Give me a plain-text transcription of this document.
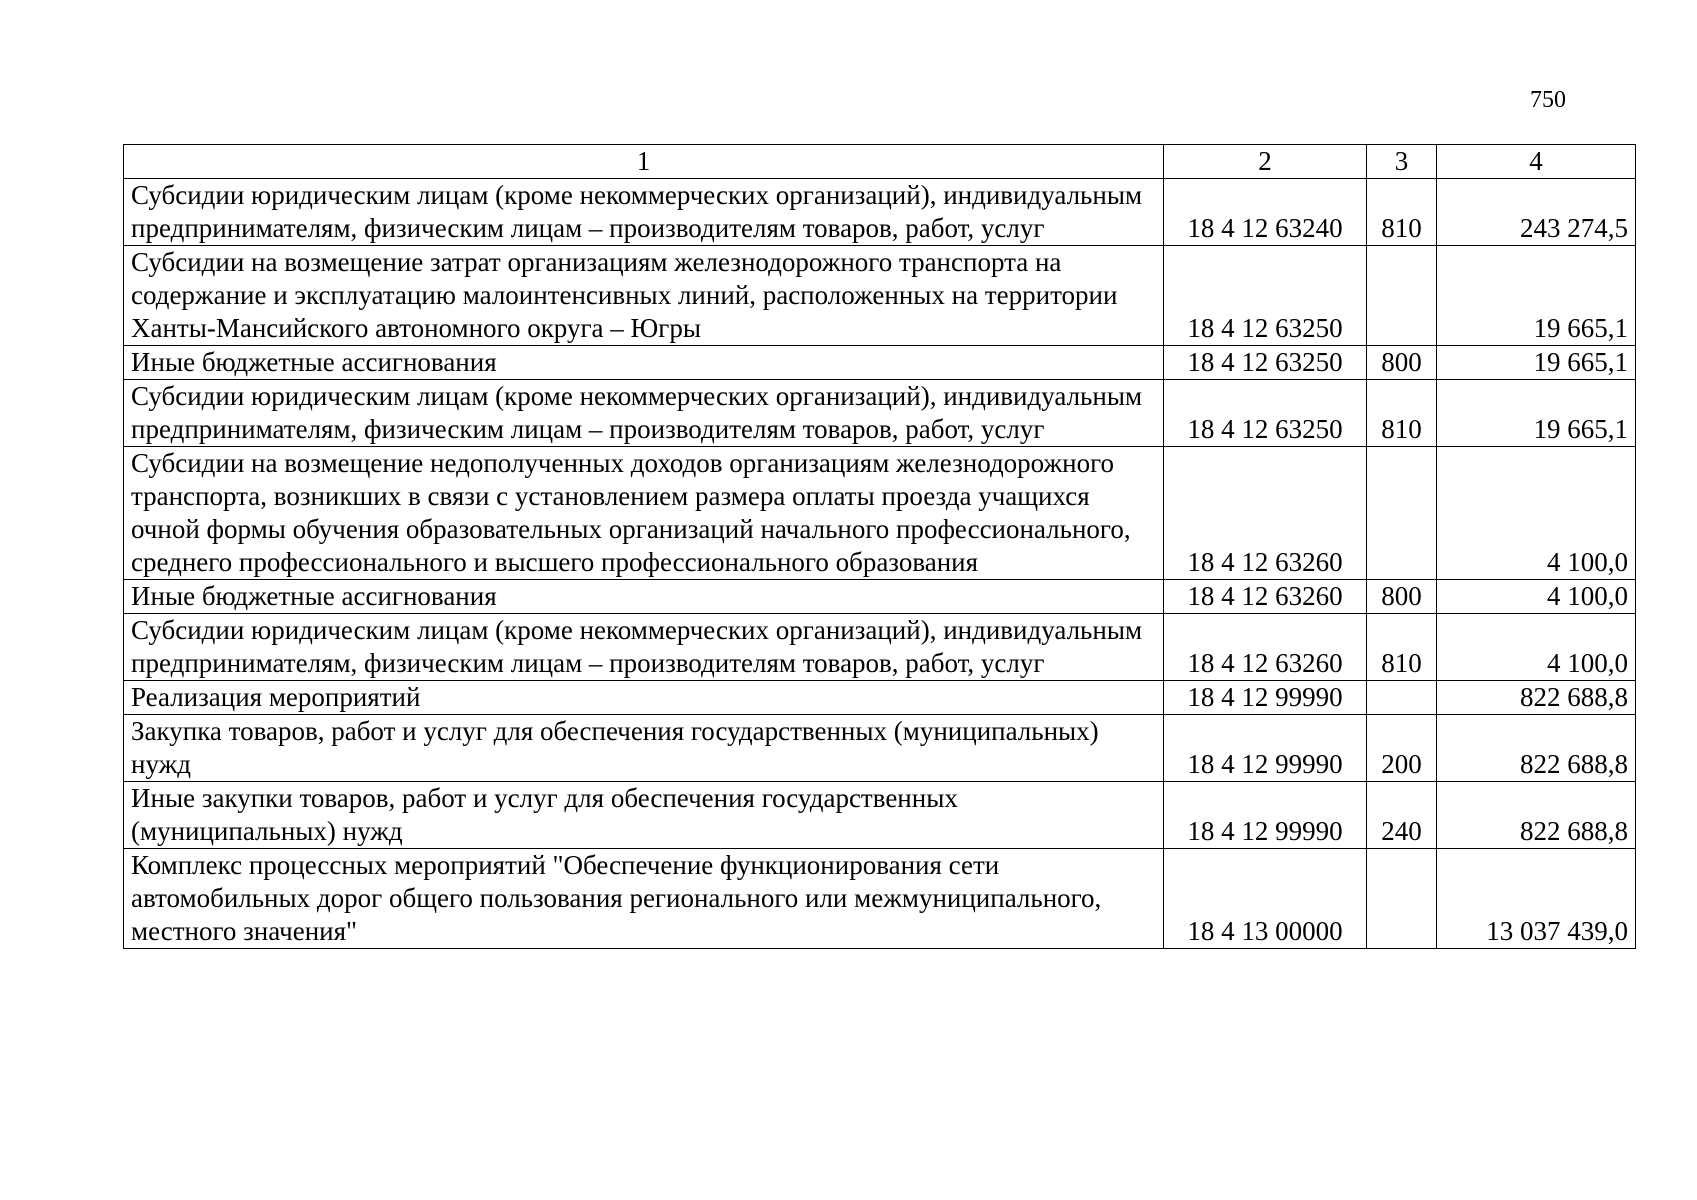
750
1	2	3	4
Субсидии юридическим лицам (кроме некоммерческих организаций), индивидуальным предпринимателям, физическим лицам – производителям товаров, работ, услуг	18 4 12 63240	810	243 274,5
Субсидии на возмещение затрат организациям железнодорожного транспорта на содержание и эксплуатацию малоинтенсивных линий, расположенных на территории Ханты-Мансийского автономного округа – Югры	18 4 12 63250		19 665,1
Иные бюджетные ассигнования	18 4 12 63250	800	19 665,1
Субсидии юридическим лицам (кроме некоммерческих организаций), индивидуальным предпринимателям, физическим лицам – производителям товаров, работ, услуг	18 4 12 63250	810	19 665,1
Субсидии на возмещение недополученных доходов организациям железнодорожного транспорта, возникших в связи с установлением размера оплаты проезда учащихся очной формы обучения образовательных организаций начального профессионального, среднего профессионального и высшего профессионального образования	18 4 12 63260		4 100,0
Иные бюджетные ассигнования	18 4 12 63260	800	4 100,0
Субсидии юридическим лицам (кроме некоммерческих организаций), индивидуальным предпринимателям, физическим лицам – производителям товаров, работ, услуг	18 4 12 63260	810	4 100,0
Реализация мероприятий	18 4 12 99990		822 688,8
Закупка товаров, работ и услуг для обеспечения государственных (муниципальных) нужд	18 4 12 99990	200	822 688,8
Иные закупки товаров, работ и услуг для обеспечения государственных (муниципальных) нужд	18 4 12 99990	240	822 688,8
Комплекс процессных мероприятий "Обеспечение функционирования сети автомобильных дорог общего пользования регионального или межмуниципального, местного значения"	18 4 13 00000		13 037 439,0
